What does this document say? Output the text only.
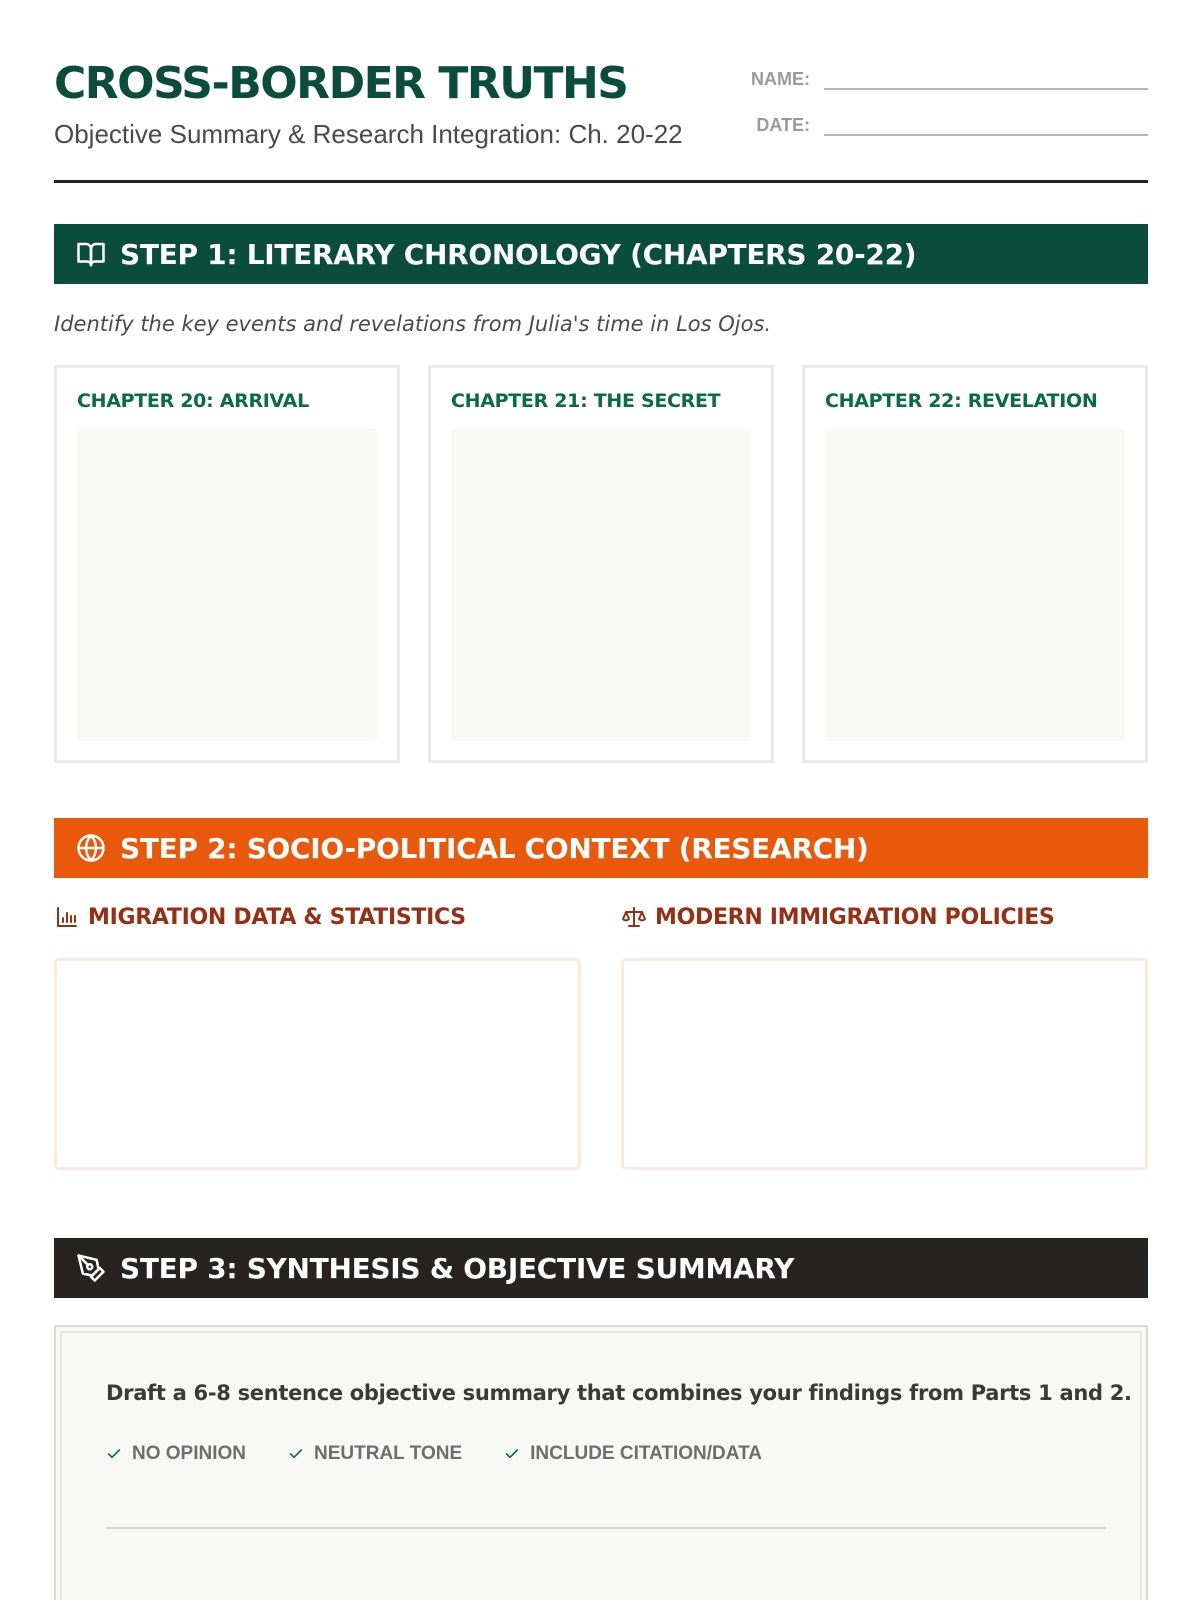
CROSS-BORDER TRUTHS
Objective Summary & Research Integration: Ch. 20-22
NAME:
DATE:
STEP 1: LITERARY CHRONOLOGY (CHAPTERS 20-22)
Identify the key events and revelations from Julia's time in Los Ojos.
CHAPTER 20: ARRIVAL	CHAPTER 21: THE SECRET	CHAPTER 22: REVELATION
STEP 2: SOCIO-POLITICAL CONTEXT (RESEARCH)
MIGRATION DATA & STATISTICS	MODERN IMMIGRATION POLICIES
STEP 3: SYNTHESIS & OBJECTIVE SUMMARY
Draft a 6-8 sentence objective summary that combines your findings from Parts 1 and 2.
NO OPINION	NEUTRAL TONE	INCLUDE CITATION/DATA
